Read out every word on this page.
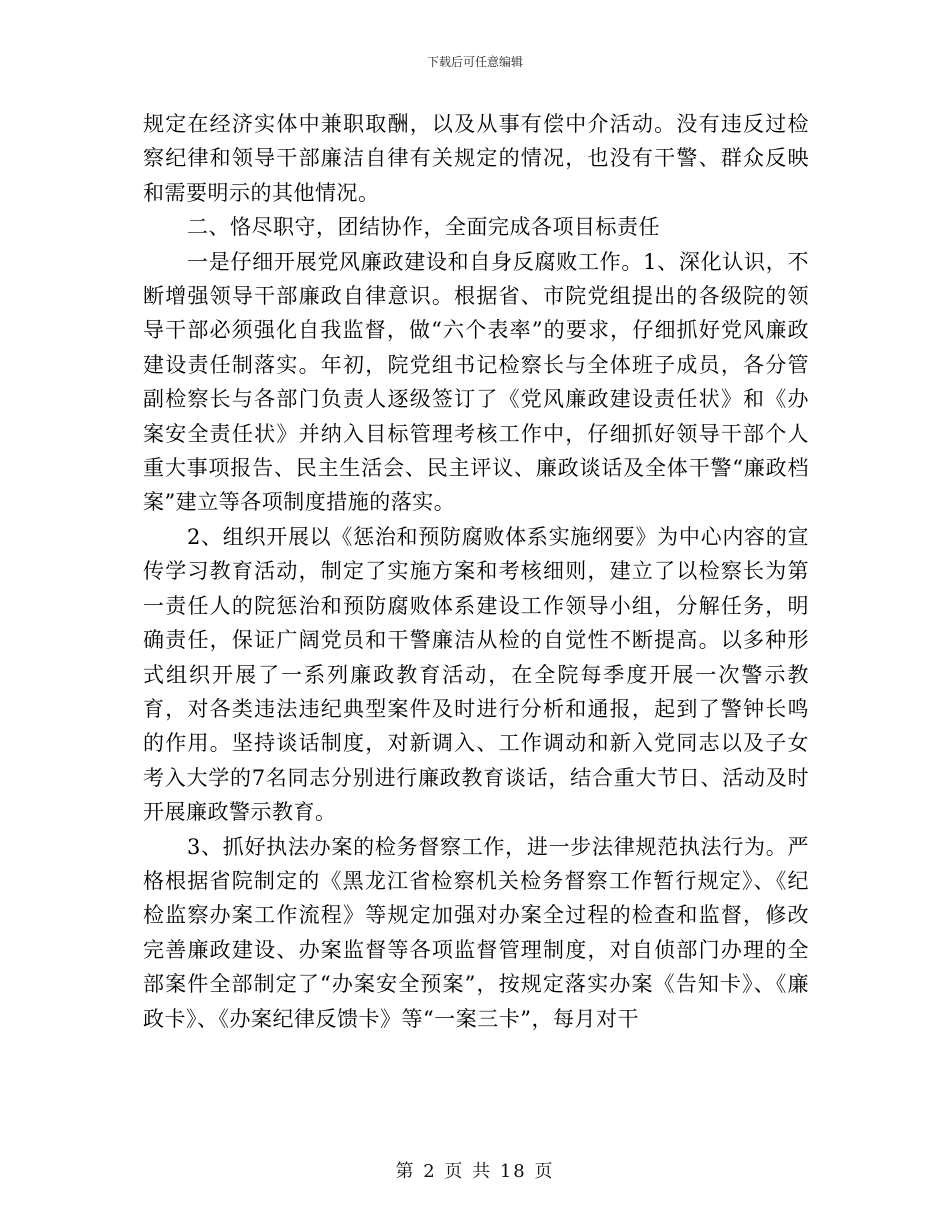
下载后可任意编辑

规定在经济实体中兼职取酬，以及从事有偿中介活动。没有违反过检察纪律和领导干部廉洁自律有关规定的情况，也没有干警、群众反映和需要明示的其他情况。

二、恪尽职守，团结协作，全面完成各项目标责任

一是仔细开展党风廉政建设和自身反腐败工作。1、深化认识，不断增强领导干部廉政自律意识。根据省、市院党组提出的各级院的领导干部必须强化自我监督，做“六个表率”的要求，仔细抓好党风廉政建设责任制落实。年初，院党组书记检察长与全体班子成员，各分管副检察长与各部门负责人逐级签订了《党风廉政建设责任状》和《办案安全责任状》并纳入目标管理考核工作中，仔细抓好领导干部个人重大事项报告、民主生活会、民主评议、廉政谈话及全体干警“廉政档案”建立等各项制度措施的落实。

2、组织开展以《惩治和预防腐败体系实施纲要》为中心内容的宣传学习教育活动，制定了实施方案和考核细则，建立了以检察长为第一责任人的院惩治和预防腐败体系建设工作领导小组，分解任务，明确责任，保证广阔党员和干警廉洁从检的自觉性不断提高。以多种形式组织开展了一系列廉政教育活动，在全院每季度开展一次警示教育，对各类违法违纪典型案件及时进行分析和通报，起到了警钟长鸣的作用。坚持谈话制度，对新调入、工作调动和新入党同志以及子女考入大学的7名同志分别进行廉政教育谈话，结合重大节日、活动及时开展廉政警示教育。

3、抓好执法办案的检务督察工作，进一步法律规范执法行为。严格根据省院制定的《黑龙江省检察机关检务督察工作暂行规定》、《纪检监察办案工作流程》等规定加强对办案全过程的检查和监督，修改完善廉政建设、办案监督等各项监督管理制度，对自侦部门办理的全部案件全部制定了“办案安全预案”，按规定落实办案《告知卡》、《廉政卡》、《办案纪律反馈卡》等“一案三卡”，每月对干

第 2 页 共 18 页
